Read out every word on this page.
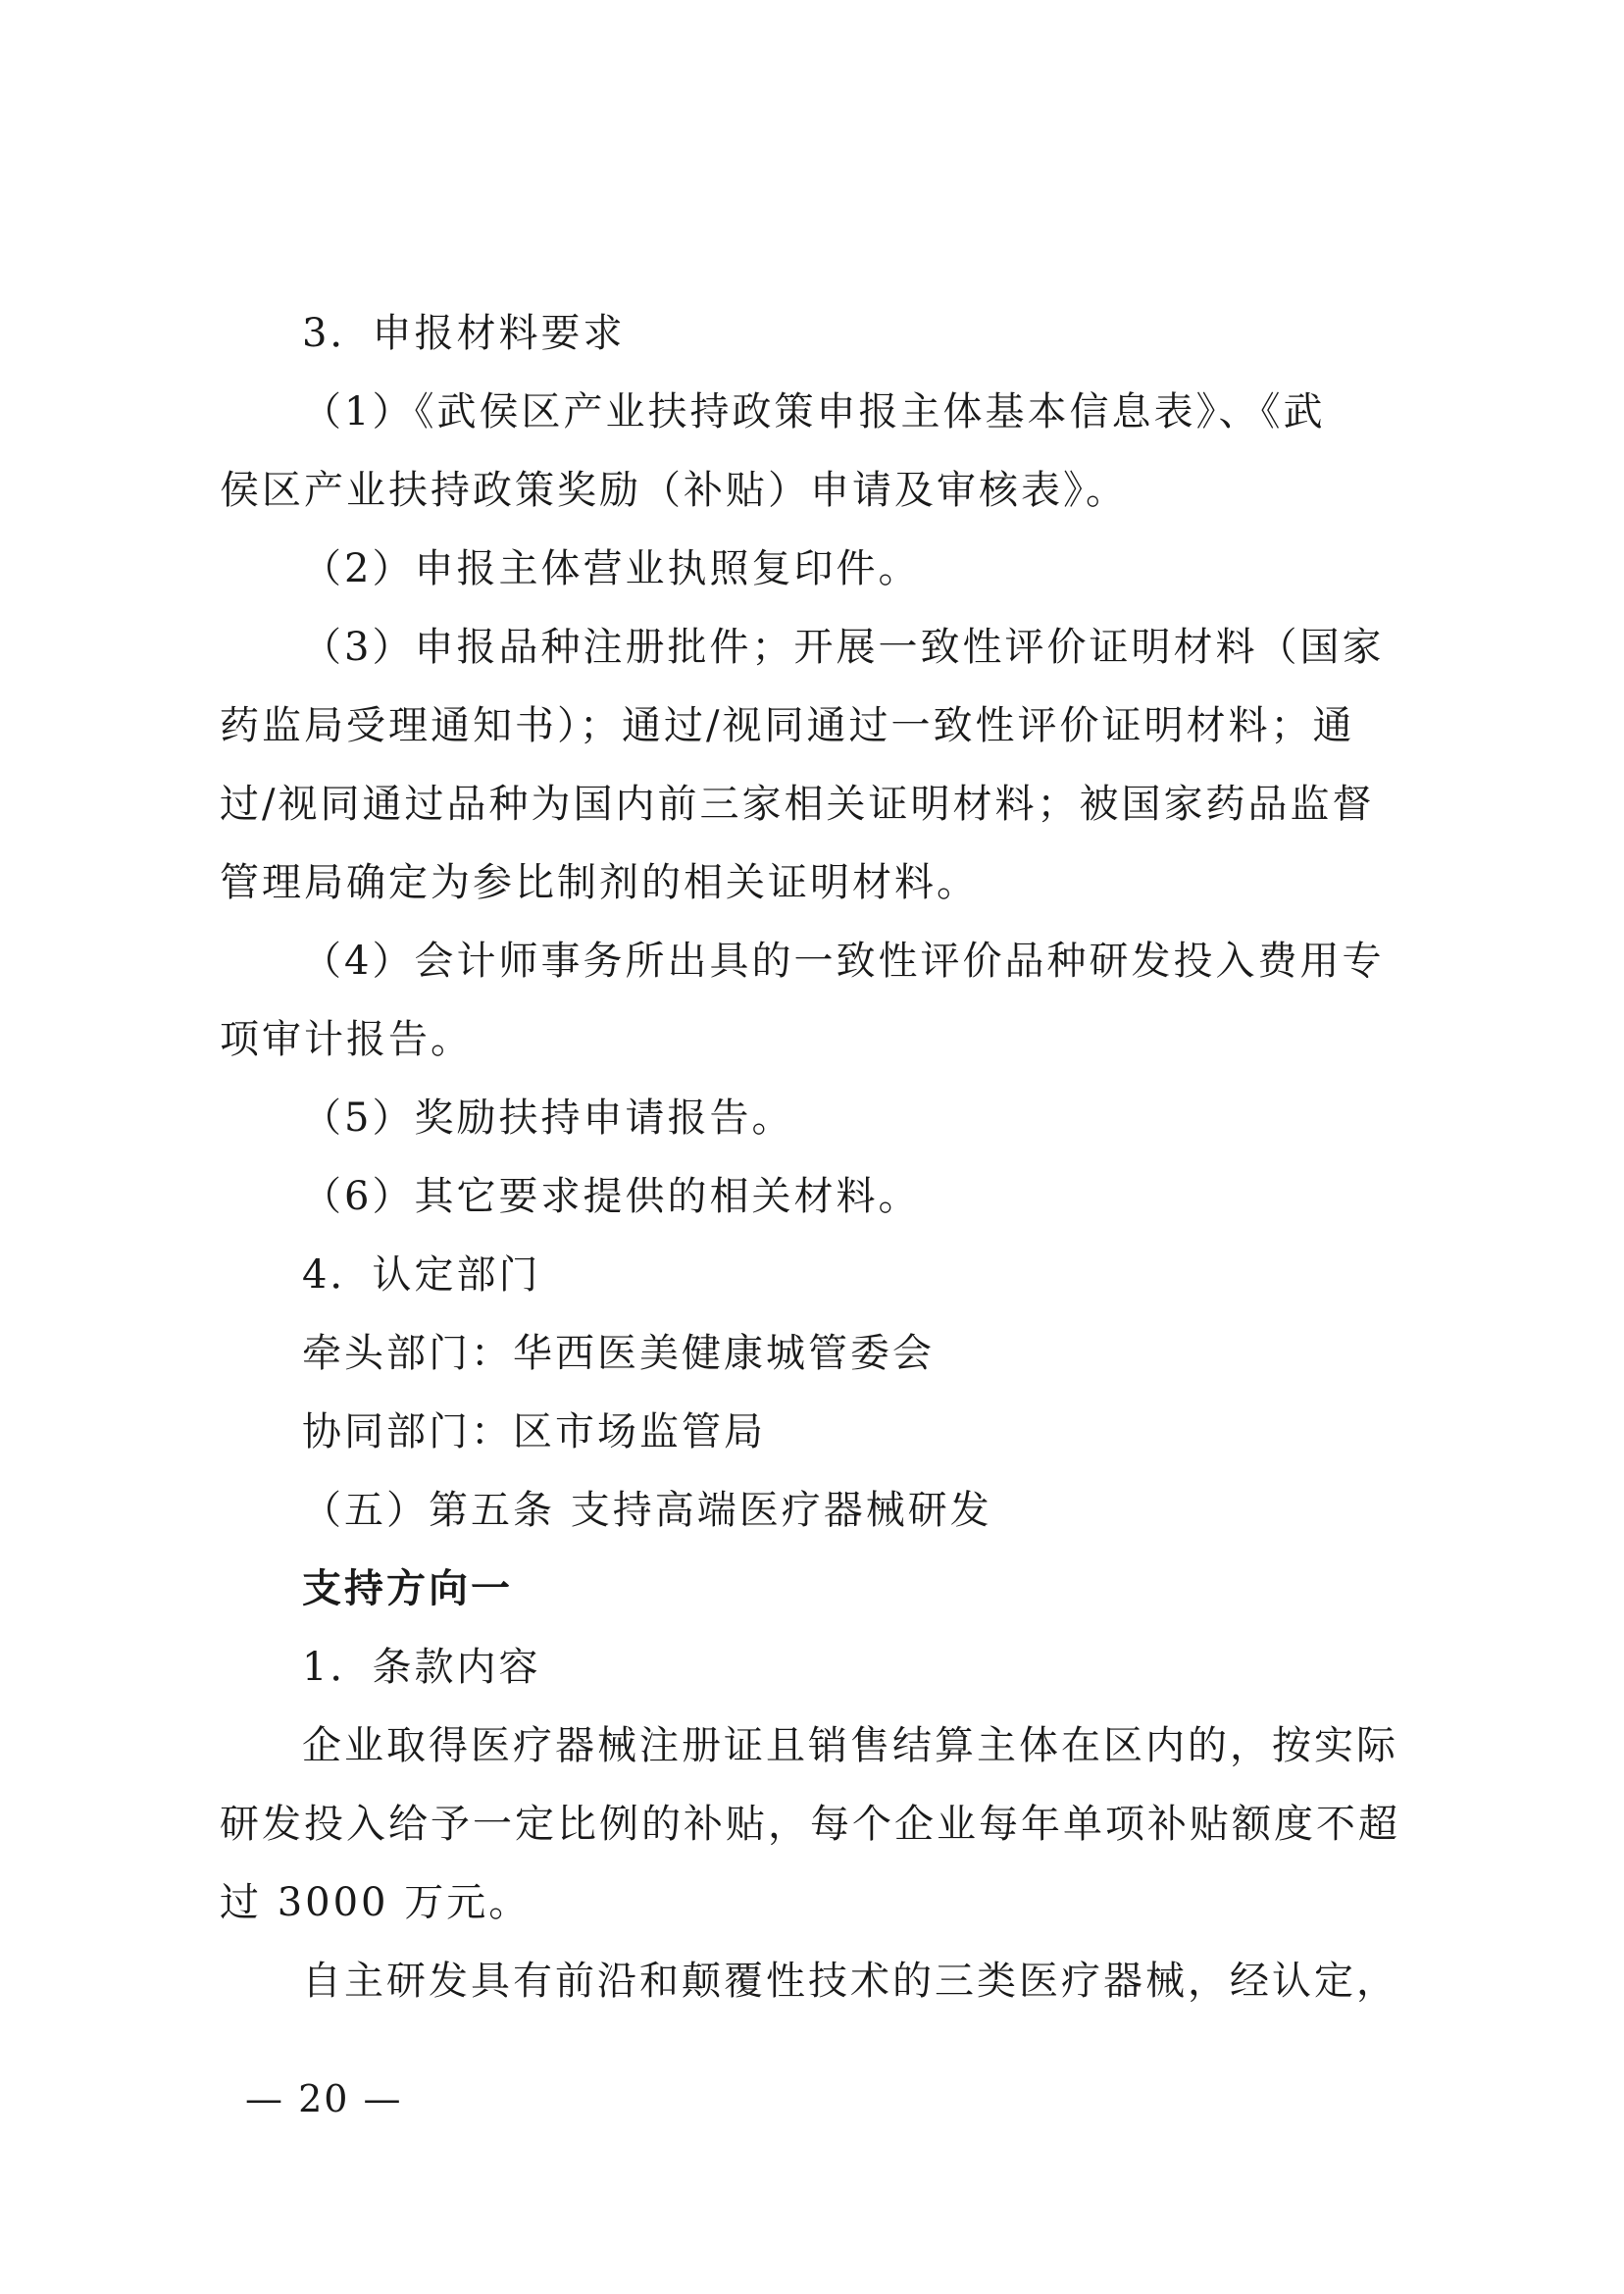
3．申报材料要求
（1）《武侯区产业扶持政策申报主体基本信息表》、《武
侯区产业扶持政策奖励（补贴）申请及审核表》。
（2）申报主体营业执照复印件。
（3）申报品种注册批件；开展一致性评价证明材料（国家
药监局受理通知书）；通过/视同通过一致性评价证明材料；通
过/视同通过品种为国内前三家相关证明材料；被国家药品监督
管理局确定为参比制剂的相关证明材料。
（4）会计师事务所出具的一致性评价品种研发投入费用专
项审计报告。
（5）奖励扶持申请报告。
（6）其它要求提供的相关材料。
4．认定部门
牵头部门：华西医美健康城管委会
协同部门：区市场监管局
（五）第五条 支持高端医疗器械研发
支持方向一
1．条款内容
企业取得医疗器械注册证且销售结算主体在区内的，按实际
研发投入给予一定比例的补贴，每个企业每年单项补贴额度不超
过 3000 万元。
自主研发具有前沿和颠覆性技术的三类医疗器械，经认定，
— 20 —
